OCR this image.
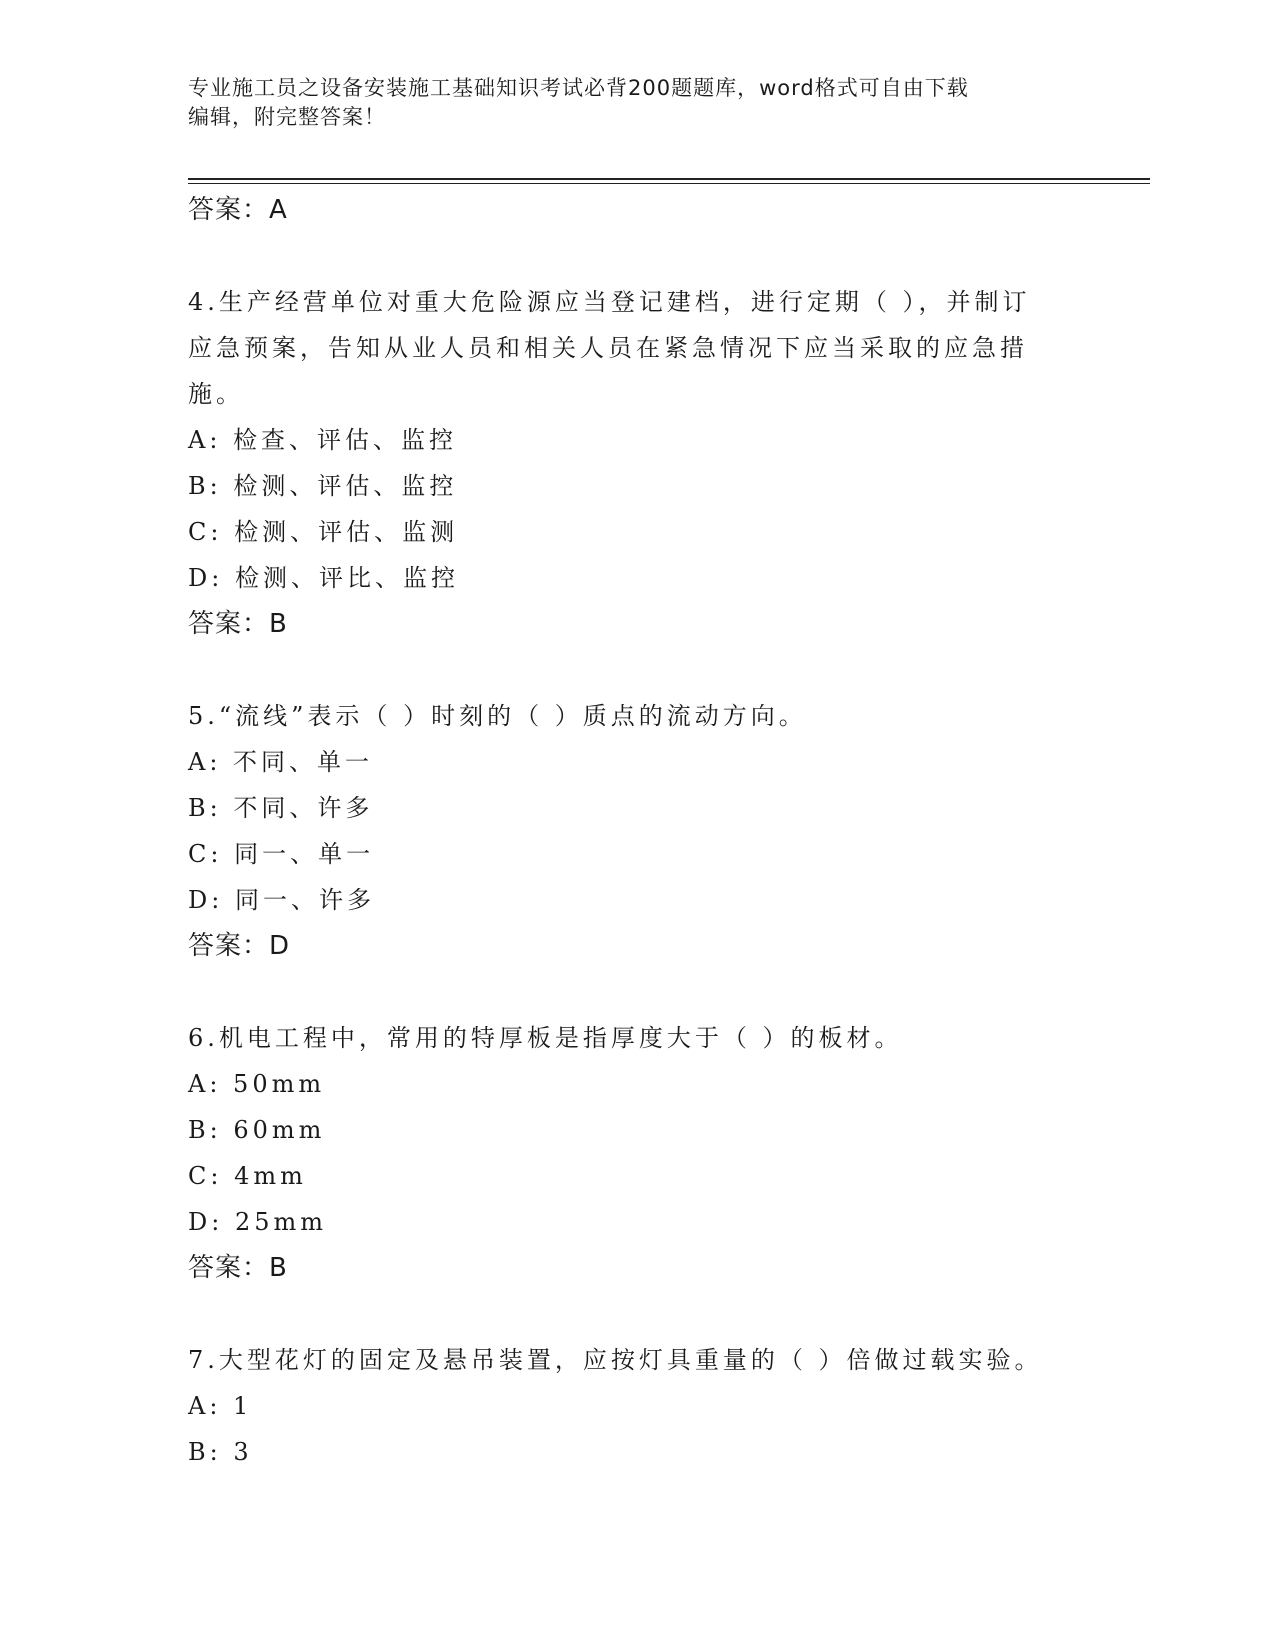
专业施工员之设备安装施工基础知识考试必背200题题库，word格式可自由下载
编辑，附完整答案！
答案：A
4.生产经营单位对重大危险源应当登记建档，进行定期（ ），并制订
应急预案，告知从业人员和相关人员在紧急情况下应当采取的应急措
施。
A: 检查、评估、监控
B: 检测、评估、监控
C: 检测、评估、监测
D: 检测、评比、监控
答案：B
5.“流线”表示（ ）时刻的（ ）质点的流动方向。
A: 不同、单一
B: 不同、许多
C: 同一、单一
D: 同一、许多
答案：D
6.机电工程中，常用的特厚板是指厚度大于（ ）的板材。
A: 50mm
B: 60mm
C: 4mm
D: 25mm
答案：B
7.大型花灯的固定及悬吊装置，应按灯具重量的（ ）倍做过载实验。
A: 1
B: 3
